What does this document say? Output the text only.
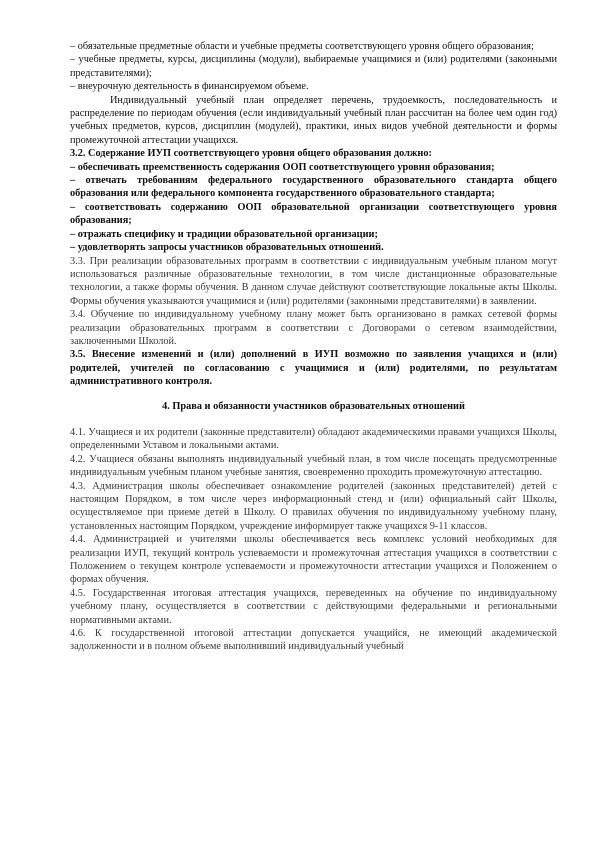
– обязательные предметные области и учебные предметы соответствующего уровня общего образования;

– учебные предметы, курсы, дисциплины (модули), выбираемые учащимися и (или) родителями (законными представителями);

– внеурочную деятельность в финансируемом объеме.

Индивидуальный учебный план определяет перечень, трудоемкость, последовательность и распределение по периодам обучения (если индивидуальный учебный план рассчитан на более чем один год) учебных предметов, курсов, дисциплин (модулей), практики, иных видов учебной деятельности и формы промежуточной аттестации учащихся.

3.2. Содержание ИУП соответствующего уровня общего образования должно:

– обеспечивать преемственность содержания ООП соответствующего уровня образования;

– отвечать требованиям федерального государственного образовательного стандарта общего образования или федерального компонента государственного образовательного стандарта;

– соответствовать содержанию ООП образовательной организации соответствующего уровня образования;

– отражать специфику и традиции образовательной организации;

– удовлетворять запросы участников образовательных отношений.

3.3. При реализации образовательных программ в соответствии с индивидуальным учебным планом могут использоваться различные образовательные технологии, в том числе дистанционные образовательные технологии, а также формы обучения. В данном случае действуют соответствующие локальные акты Школы. Формы обучения указываются учащимися и (или) родителями (законными представителями) в заявлении.

3.4. Обучение по индивидуальному учебному плану может быть организовано в рамках сетевой формы реализации образовательных программ в соответствии с Договорами о сетевом взаимодействии, заключенными Школой.

3.5. Внесение изменений и (или) дополнений в ИУП возможно по заявления учащихся и (или) родителей, учителей по согласованию с учащимися и (или) родителями, по результатам административного контроля.

4. Права и обязанности участников образовательных отношений

4.1. Учащиеся и их родители (законные представители) обладают академическими правами учащихся Школы, определенными Уставом и локальными актами.

4.2. Учащиеся обязаны выполнять индивидуальный учебный план, в том числе посещать предусмотренные индивидуальным учебным планом учебные занятия, своевременно проходить промежуточную аттестацию.

4.3. Администрация школы обеспечивает ознакомление родителей (законных представителей) детей с настоящим Порядком, в том числе через информационный стенд и (или) официальный сайт Школы, осуществляемое при приеме детей в Школу. О правилах обучения по индивидуальному учебному плану, установленных настоящим Порядком, учреждение информирует также учащихся 9-11 классов.

4.4. Администрацией и учителями школы обеспечивается весь комплекс условий необходимых для реализации ИУП, текущий контроль успеваемости и промежуточная аттестация учащихся в соответствии с Положением о текущем контроле успеваемости и промежуточности аттестации учащихся и Положением о формах обучения.

4.5. Государственная итоговая аттестация учащихся, переведенных на обучение по индивидуальному учебному плану, осуществляется в соответствии с действующими федеральными и региональными нормативными актами.

4.6. К государственной итоговой аттестации допускается учащийся, не имеющий академической задолженности и в полном объеме выполнивший индивидуальный учебный
